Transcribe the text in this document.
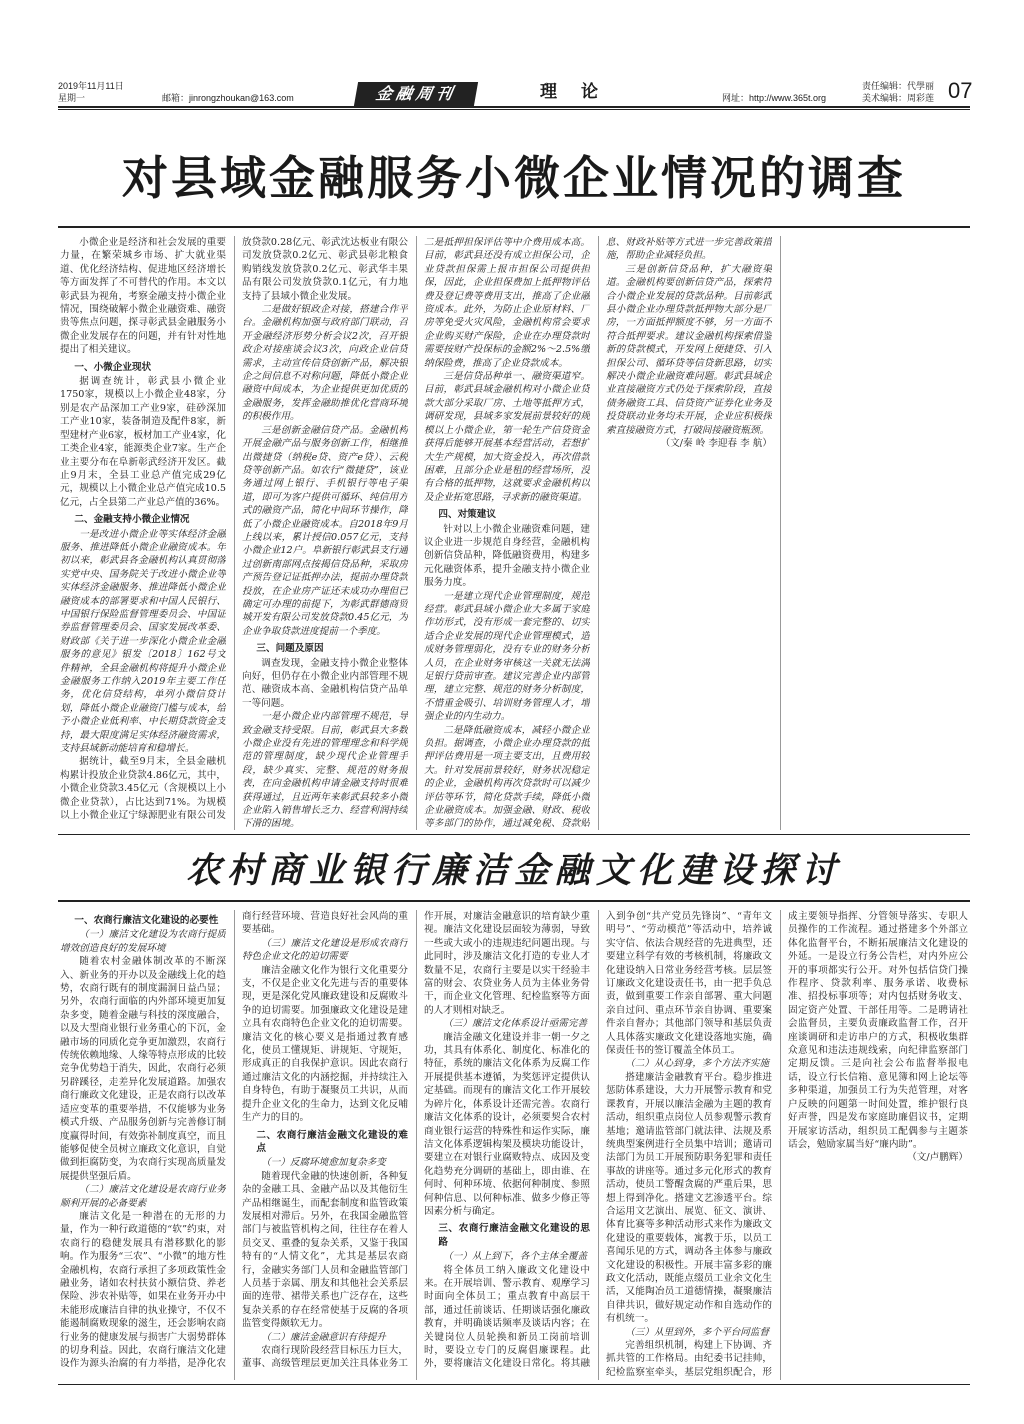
2019年11月11日
星期一	邮箱：jinrongzhoukan@163.com	金融周刊	理论	网址：http://www.365t.org
责任编辑：代學丽
美术编辑：周彩莲 07
对县域金融服务小微企业情况的调查

小微企业是经济和社会发展的重要力量，在繁荣城乡市场、扩大就业渠道、优化经济结构、促进地区经济增长等方面发挥了不可替代的作用。本文以彰武县为视角，考察金融支持小微企业情况，围绕破解小微企业融资难、融资贵等焦点问题，探寻彰武县金融服务小微企业发展存在的问题，并有针对性地提出了相关建议。

一、小微企业现状

据调查统计，彰武县小微企业1750家，规模以上小微企业48家，分别是农产品深加工产业9家，硅砂深加工产业10家，装备制造及配件8家，新型建材产业6家，板材加工产业4家，化工类企业4家，能源类企业7家。生产企业主要分布在阜新彰武经济开发区。截止9月末，全县工业总产值完成29亿元，规模以上小微企业总产值完成10.5亿元，占全县第二产业总产值的36%。

二、金融支持小微企业情况

一是改进小微企业等实体经济金融服务、推进降低小微企业融资成本。年初以来，彰武县各金融机构认真贯彻落实党中央、国务院关于改进小微企业等实体经济金融服务、推进降低小微企业融资成本的部署要求和中国人民银行、中国银行保险监督管理委员会、中国证券监督管理委员会、国家发展改革委、财政部《关于进一步深化小微企业金融服务的意见》银发〔2018〕162号文件精神，全县金融机构将提升小微企业金融服务工作纳入2019年主要工作任务，优化信贷结构，单列小微信贷计划，降低小微企业融资门槛与成本，给予小微企业低利率、中长期贷款资金支持，最大限度满足实体经济融资需求，支持县域新动能培育和稳增长。

据统计，截至9月末，全县金融机构累计投放企业贷款4.86亿元，其中，小微企业贷款3.45亿元（含规模以上小微企业贷款），占比达到71%。为规模以上小微企业辽宁绿源肥业有限公司发

放贷款0.28亿元、彰武沈达板业有限公司发放贷款0.2亿元、彰武县彰北粮食购销线发放贷款0.2亿元、彰武华丰果品有限公司发放贷款0.1亿元，有力地支持了县域小微企业发展。

二是做好银政企对接，搭建合作平台。金融机构加强与政府部门联动，召开金融经济形势分析会议2次，召开银政企对接座谈会议3次，向政企业信贷需求，主动宣传信贷创新产品，解决银企之间信息不对称问题，降低小微企业融资中间成本，为企业提供更加优质的金融服务，发挥金融助推优化营商环境的积极作用。

三是创新金融信贷产品。金融机构开展金融产品与服务创新工作，相继推出微捷贷（纳税e贷、资产e贷）、云税贷等创新产品。如农行“微捷贷”，该业务通过网上银行、手机银行等电子渠道，即可为客户提供可循环、纯信用方式的融资产品，简化中间环节操作，降低了小微企业融资成本。自2018年9月上线以来，累计授信0.057亿元，支持小微企业12户。阜新银行彰武县支行通过创新南部网点按揭信贷品种，采取房产预告登记证抵押办法，提前办理贷款投放，在企业房产证还未成功办理但已确定可办理的前提下，为彰武群德商贸城开发有限公司发放贷款0.45亿元，为企业争取贷款进度提前一个季度。

三、问题及原因

调查发现，金融支持小微企业整体向好，但仍存在小微企业内部管理不规范、融资成本高、金融机构信贷产品单一等问题。

一是小微企业内部管理不规范，导致金融支持受限。目前，彰武县大多数小微企业没有先进的管理理念和科学规范的管理制度，缺少现代企业管理手段，缺少真实、完整、规范的财务报表，在向金融机构申请金融支持时很难获得通过，且近两年来彰武县较多小微企业陷入销售增长乏力、经营利润持续下滑的困境。

二是抵押担保评估等中介费用成本高。目前，彰武县还没有成立担保公司，企业贷款担保需上报市担保公司提供担保，因此，企业担保费加上抵押物评估费及登记费等费用支出，推高了企业融资成本。此外，为防止企业原材料、厂房等免受火灾风险，金融机构常会要求企业购买财产保险，企业在办理贷款时需要按财产投保标的金额2%～2.5%缴纳保险费，推高了企业贷款成本。

三是信贷品种单一、融资渠道窄。目前，彰武县域金融机构对小微企业贷款大部分采取厂房、土地等抵押方式，调研发现，县域多家发展前景较好的规模以上小微企业，第一轮生产信贷资金获得后能够开展基本经营活动，若想扩大生产规模，加大资金投入，再次借款困难，且部分企业是租的经营场所，没有合格的抵押物，这就要求金融机构以及企业拓宽思路，寻求新的融资渠道。

四、对策建议

针对以上小微企业融资难问题，建议企业进一步规范自身经营，金融机构创新信贷品种，降低融资费用，构建多元化融资体系，提升金融支持小微企业服务力度。

一是建立现代企业管理制度，规范经营。彰武县域小微企业大多属于家庭作坊形式，没有形成一套完整的、切实适合企业发展的现代企业管理模式，造成财务管理弱化，没有专业的财务分析人员，在企业财务审核这一关就无法满足银行贷前审查。建议完善企业内部管理，建立完整、规范的财务分析制度，不惜重金吸引、培训财务管理人才，增强企业的内生动力。

二是降低融资成本，减轻小微企业负担。据调查，小微企业办理贷款的抵押评估费用是一项主要支出，且费用较大。针对发展前景较好，财务状况稳定的企业，金融机构再次贷款时可以减少评估等环节，简化贷款手续，降低小微企业融资成本。加强金融、财政、税收等多部门的协作，通过减免税、贷款贴

息、财政补贴等方式进一步完善政策措施，帮助企业减轻负担。

三是创新信贷品种，扩大融资渠道。金融机构要创新信贷产品，探索符合小微企业发展的贷款品种。目前彰武县小微企业办理贷款抵押物大部分是厂房，一方面抵押额度不够，另一方面不符合抵押要求。建议金融机构探索借鉴新的贷款模式，开发网上便捷贷、引入担保公司、循环贷等信贷新思路，切实解决小微企业融资难问题。彰武县域企业直接融资方式仍处于探索阶段，直接债务融资工具、信贷资产证券化业务及投贷联动业务均未开展，企业应积极探索直接融资方式，打破间接融资瓶颈。

（文/秦 岭 李迎春 李 航）

农村商业银行廉洁金融文化建设探讨

一、农商行廉洁文化建设的必要性

（一）廉洁文化建设为农商行提质增效创造良好的发展环境

随着农村金融体制改革的不断深入、新业务的开办以及金融线上化的趋势，农商行既有的制度漏洞日益凸显；另外，农商行面临的内外部环境更加复杂多变，随着金融与科技的深度融合，以及大型商业银行业务重心的下沉，金融市场的同质化竞争更加激烈，农商行传统依赖地缘、人缘等特点形成的比较竞争优势趋于消失，因此，农商行必须另辟蹊径，走差异化发展道路。加强农商行廉政文化建设，正是农商行以改革适应变革的重要举措，不仅能够为业务模式升级、产品服务创新与完善修订制度赢得时间，有效弥补制度真空，而且能够促使全员树立廉政文化意识，自觉做到拒腐防变，为农商行实现高质量发展提供坚强后盾。

（二）廉洁文化建设是农商行业务顺利开展的必备要素

廉洁文化是一种潜在的无形的力量，作为一种行政道德的“软”约束，对农商行的稳健发展具有潜移默化的影响。作为服务“三农”、“小微”的地方性金融机构，农商行承担了多项政策性金融业务，诸如农村扶贫小额信贷、养老保险、涉农补贴等，如果在业务开办中未能形成廉洁自律的执业操守，不仅不能遏制腐败现象的滋生，还会影响农商行业务的健康发展与损害广大弱势群体的切身利益。因此，农商行廉洁文化建设作为源头治腐的有力举措，是净化农

商行经营环境、营造良好社会风尚的重要基础。

（三）廉洁文化建设是形成农商行特色企业文化的迫切需要

廉洁金融文化作为银行文化重要分支，不仅是企业文化先进与否的重要体现，更是深化党风廉政建设和反腐败斗争的迫切需要。加强廉政文化建设是建立具有农商特色企业文化的迫切需要。廉洁文化的核心要义是指通过教育感化，使员工懂规矩、讲规矩、守规矩，形成真正的自我保护意识。因此农商行通过廉洁文化的内涵挖掘，并持续注入自身特色，有助于凝聚员工共识，从而提升企业文化的生命力，达到文化反哺生产力的目的。

二、农商行廉洁金融文化建设的难点

（一）反腐环境愈加复杂多变

随着现代金融的快速创新，各种复杂的金融工具、金融产品以及其他衍生产品相继诞生，而配套制度和监管政策发展相对滞后。另外，在我国金融监管部门与被监管机构之间，往往存在着人员交叉、重叠的复杂关系，又鉴于我国特有的“人情文化”，尤其是基层农商行，金融实务部门人员和金融监管部门人员基于亲属、朋友和其他社会关系层面的连带、裙带关系也广泛存在，这些复杂关系的存在经常使基于反腐的各项监管变得颇软无力。

（二）廉洁金融意识有待提升

农商行现阶段经营目标压力巨大，董事、高级管理层更加关注具体业务工

作开展，对廉洁金融意识的培育缺少重视。廉洁文化建设层面较为薄弱，导致一些或大或小的违规违纪问题出现。与此同时，涉及廉洁文化打造的专业人才数量不足，农商行主要是以实干经验丰富的财会、农贷业务人员为主体业务骨干，而企业文化管理、纪检监察等方面的人才则相对缺乏。

（三）廉洁文化体系设计亟需完善

廉洁金融文化建设并非一朝一夕之功，其具有体系化、制度化、标准化的特征，系统的廉洁文化体系为反腐工作开展提供基本遵循，为奖惩评定提供认定基础。而现有的廉洁文化工作开展较为碎片化，体系设计还需完善。农商行廉洁文化体系的设计，必须要契合农村商业银行运营的特殊性和运作实际，廉洁文化体系逻辑构架及模块功能设计，要建立在对银行业腐败特点、成因及变化趋势充分调研的基础上，即由谁、在何时、何种环境、依据何种制度、参照何种信息、以何种标准、做多少修正等因素分析与确定。

三、农商行廉洁金融文化建设的思路

（一）从上到下，各个主体全覆盖

将全体员工纳入廉政文化建设中来。在开展培训、警示教育、观摩学习时面向全体员工；重点教育中高层干部，通过任前谈话、任期谈话强化廉政教育，并明确谈话频率及谈话内容；在关键岗位人员轮换和新员工岗前培训时，要设立专门的反腐倡廉课程。此外，要将廉洁文化建设日常化。将其融

入到争创“共产党员先锋岗”、“青年文明号”、“劳动模范”等活动中，培养诚实守信、依法合规经营的先进典型，还要建立科学有效的考核机制，将廉政文化建设纳入日常业务经营考核。层层签订廉政文化建设责任书，由一把手负总责，做到重要工作亲自部署、重大问题亲自过问、重点环节亲自协调、重要案件亲自督办；其他部门领导和基层负责人具体落实廉政文化建设落地实施，确保责任书的签订覆盖全体员工。

（二）从心到身，多个方法齐实施

搭建廉洁金融教育平台。稳步推进惩防体系建设，大力开展警示教育和党课教育，开展以廉洁金融为主题的教育活动，组织重点岗位人员参观警示教育基地；邀请监管部门就法律、法规及系统典型案例进行全员集中培训；邀请司法部门为员工开展预防职务犯罪和责任事故的讲座等。通过多元化形式的教育活动，使员工警醒贪腐的严重后果，思想上得到净化。搭建文艺渗透平台。综合运用文艺演出、展览、征文、演讲、体育比赛等多种活动形式来作为廉政文化建设的重要载体，寓教于乐，以员工喜闻乐见的方式，调动各主体参与廉政文化建设的积极性。开展丰富多彩的廉政文化活动，既能点缀员工业余文化生活，又能陶冶员工道德情操，凝聚廉洁自律共识，做好规定动作和自选动作的有机统一。

（三）从里到外，多个平台同监督

完善组织机制，构建上下协调、齐抓共管的工作格局。由纪委书记挂帅，纪检监察室牵头，基层党组织配合，形

成主要领导指挥、分管领导落实、专职人员操作的工作流程。通过搭建多个外部立体化监督平台，不断拓展廉洁文化建设的外延。一是设立行务公告栏，对内外应公开的事项都实行公开。对外包括信贷门操作程序、贷款利率、服务承诺、收费标准、招投标事项等；对内包括财务收支、固定资产处置、干部任用等。二是聘请社会监督员，主要负责廉政监督工作，召开座谈调研和走访串户的方式，积极收集群众意见和违法违规线索，向纪律监察部门定期反馈。三是向社会公布监督举报电话，设立行长信箱、意见簿和网上论坛等多种渠道，加强员工行为失范管理，对客户反映的问题第一时间处置，维护银行良好声誉，四是发布家庭助廉倡议书，定期开展家访活动，组织员工配偶参与主题茶话会，勉励家属当好“廉内助”。

（文/卢鹏辉）
